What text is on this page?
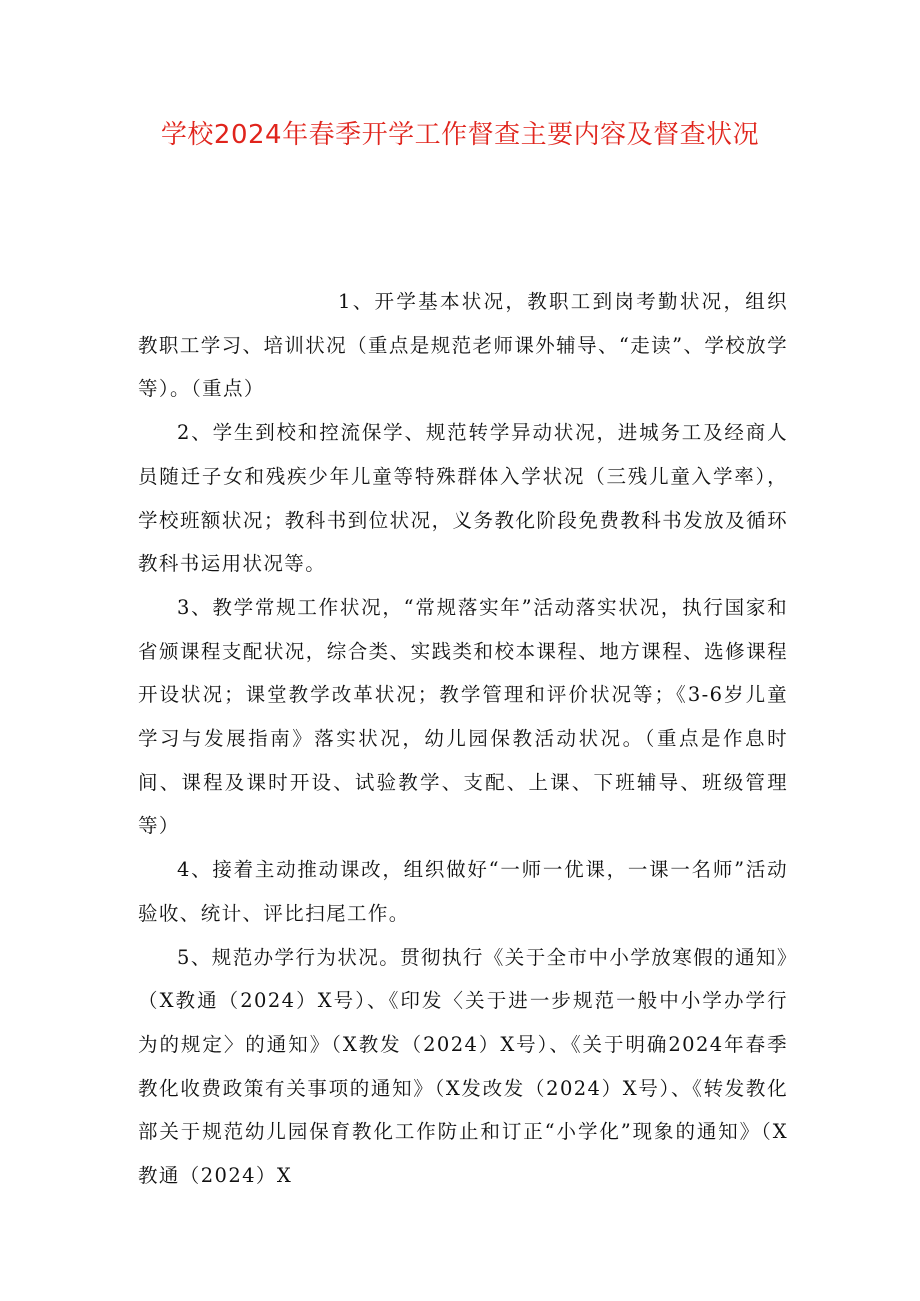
学校2024年春季开学工作督查主要内容及督查状况

1、开学基本状况，教职工到岗考勤状况，组织教职工学习、培训状况（重点是规范老师课外辅导、“走读”、学校放学等）。（重点）

2、学生到校和控流保学、规范转学异动状况，进城务工及经商人员随迁子女和残疾少年儿童等特殊群体入学状况（三残儿童入学率），学校班额状况；教科书到位状况，义务教化阶段免费教科书发放及循环教科书运用状况等。

3、教学常规工作状况，“常规落实年”活动落实状况，执行国家和省颁课程支配状况，综合类、实践类和校本课程、地方课程、选修课程开设状况；课堂教学改革状况；教学管理和评价状况等；《3-6岁儿童学习与发展指南》落实状况，幼儿园保教活动状况。（重点是作息时间、课程及课时开设、试验教学、支配、上课、下班辅导、班级管理等）

4、接着主动推动课改，组织做好“一师一优课，一课一名师”活动验收、统计、评比扫尾工作。

5、规范办学行为状况。贯彻执行《关于全市中小学放寒假的通知》（X教通（2024）X号）、《印发〈关于进一步规范一般中小学办学行为的规定〉的通知》（X教发（2024）X号）、《关于明确2024年春季教化收费政策有关事项的通知》（X发改发（2024）X号）、《转发教化部关于规范幼儿园保育教化工作防止和订正“小学化”现象的通知》（X教通（2024）X
